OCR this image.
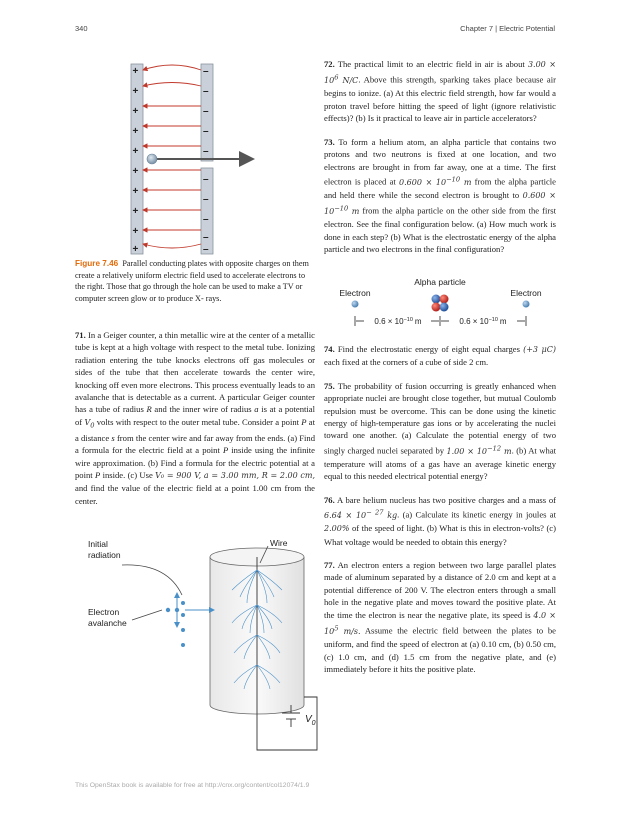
340	Chapter 7 | Electric Potential
+
+
+
+
+
+
+
+
+
+
–
–
–
–
–
–
–
–
–
–
Figure 7.46 Parallel conducting plates with opposite charges on them create a relatively uniform electric field used to accelerate electrons to the right. Those that go through the hole can be used to make a TV or computer screen glow or to produce X- rays.

71. In a Geiger counter, a thin metallic wire at the center of a metallic tube is kept at a high voltage with respect to the metal tube. Ionizing radiation entering the tube knocks electrons off gas molecules or sides of the tube that then accelerate towards the center wire, knocking off even more electrons. This process eventually leads to an avalanche that is detectable as a current. A particular Geiger counter has a tube of radius R and the inner wire of radius a is at a potential of $V_0$ volts with respect to the outer metal tube. Consider a point P at a distance s from the center wire and far away from the ends. (a) Find a formula for the electric field at a point P inside using the infinite wire approximation. (b) Find a formula for the electric potential at a point P inside. (c) Use V₀ = 900 V, a = 3.00 mm, R = 2.00 cm, and find the value of the electric field at a point 1.00 cm from the center.

Initial radiation
Wire
Electron avalanche
$V_0$

72. The practical limit to an electric field in air is about $3.00 \times 10^6$ N/C. Above this strength, sparking takes place because air begins to ionize. (a) At this electric field strength, how far would a proton travel before hitting the speed of light (ignore relativistic effects)? (b) Is it practical to leave air in particle accelerators?

73. To form a helium atom, an alpha particle that contains two protons and two neutrons is fixed at one location, and two electrons are brought in from far away, one at a time. The first electron is placed at $0.600 \times 10^{-10}$ m from the alpha particle and held there while the second electron is brought to $0.600 \times 10^{-10}$ m from the alpha particle on the other side from the first electron. See the final configuration below. (a) How much work is done in each step? (b) What is the electrostatic energy of the alpha particle and two electrons in the final configuration?

Alpha particle
Electron	Electron
$0.6 \times 10^{-10}$ m	$0.6 \times 10^{-10}$ m

74. Find the electrostatic energy of eight equal charges (+3 μC) each fixed at the corners of a cube of side 2 cm.

75. The probability of fusion occurring is greatly enhanced when appropriate nuclei are brought close together, but mutual Coulomb repulsion must be overcome. This can be done using the kinetic energy of high-temperature gas ions or by accelerating the nuclei toward one another. (a) Calculate the potential energy of two singly charged nuclei separated by $1.00 \times 10^{-12}$ m. (b) At what temperature will atoms of a gas have an average kinetic energy equal to this needed electrical potential energy?

76. A bare helium nucleus has two positive charges and a mass of $6.64 \times 10^{- 27}$ kg. (a) Calculate its kinetic energy in joules at 2.00% of the speed of light. (b) What is this in electron-volts? (c) What voltage would be needed to obtain this energy?

77. An electron enters a region between two large parallel plates made of aluminum separated by a distance of 2.0 cm and kept at a potential difference of 200 V. The electron enters through a small hole in the negative plate and moves toward the positive plate. At the time the electron is near the negative plate, its speed is $4.0 \times 10^5$ m/s. Assume the electric field between the plates to be uniform, and find the speed of electron at (a) 0.10 cm, (b) 0.50 cm, (c) 1.0 cm, and (d) 1.5 cm from the negative plate, and (e) immediately before it hits the positive plate.

This OpenStax book is available for free at http://cnx.org/content/col12074/1.9
